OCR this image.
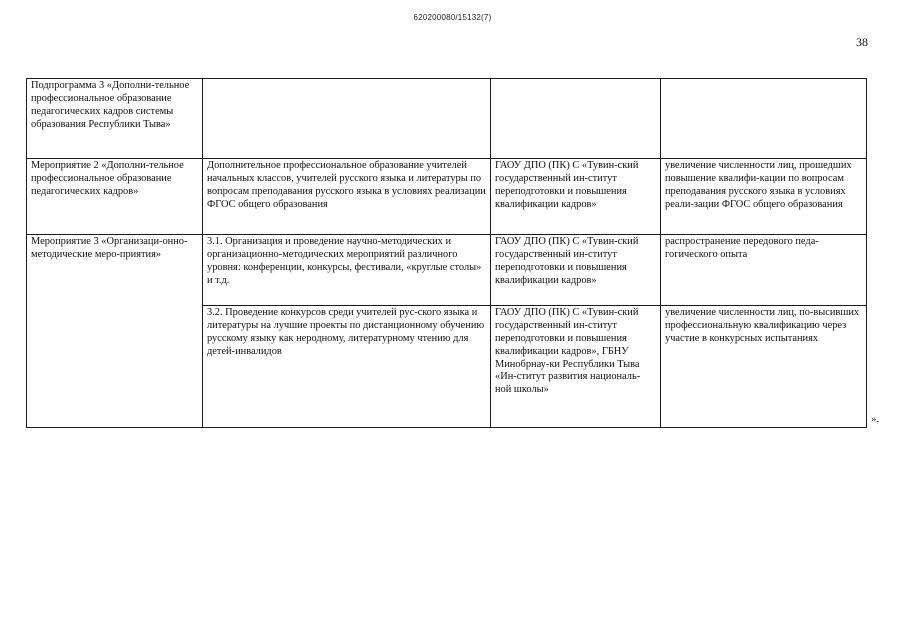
620200080/15132(7)
38
Подпрограмма 3 «Дополни-тельное профессиональное образование педагогических кадров системы образования Республики Тыва»			
Мероприятие 2 «Дополни-тельное профессиональное образование педагогических кадров»	Дополнительное профессиональное образование учителей начальных классов, учителей русского языка и литературы по вопросам преподавания русского языка в условиях реализации ФГОС общего образования	ГАОУ ДПО (ПК) С «Тувин-ский государственный ин-ститут переподготовки и повышения квалификации кадров»	увеличение численности лиц, прошедших повышение квалифи-кации по вопросам преподавания русского языка в условиях реали-зации ФГОС общего образования
Мероприятие 3 «Организаци-онно-методические меро-приятия»	3.1. Организация и проведение научно-методических и организационно-методических мероприятий различного уровня: конференции, конкурсы, фестивали, «круглые столы» и т.д.	ГАОУ ДПО (ПК) С «Тувин-ский государственный ин-ститут переподготовки и повышения квалификации кадров»	распространение передового педа-гогического опыта
	3.2. Проведение конкурсов среди учителей рус-ского языка и литературы на лучшие проекты по дистанционному обучению русскому языку как неродному, литературному чтению для детей-инвалидов	ГАОУ ДПО (ПК) С «Тувин-ский государственный ин-ститут переподготовки и повышения квалификации кадров», ГБНУ Минобрнау-ки Республики Тыва «Ин-ститут развития националь-ной школы»	увеличение численности лиц, по-высивших профессиональную квалификацию через участие в конкурсных испытаниях
».
